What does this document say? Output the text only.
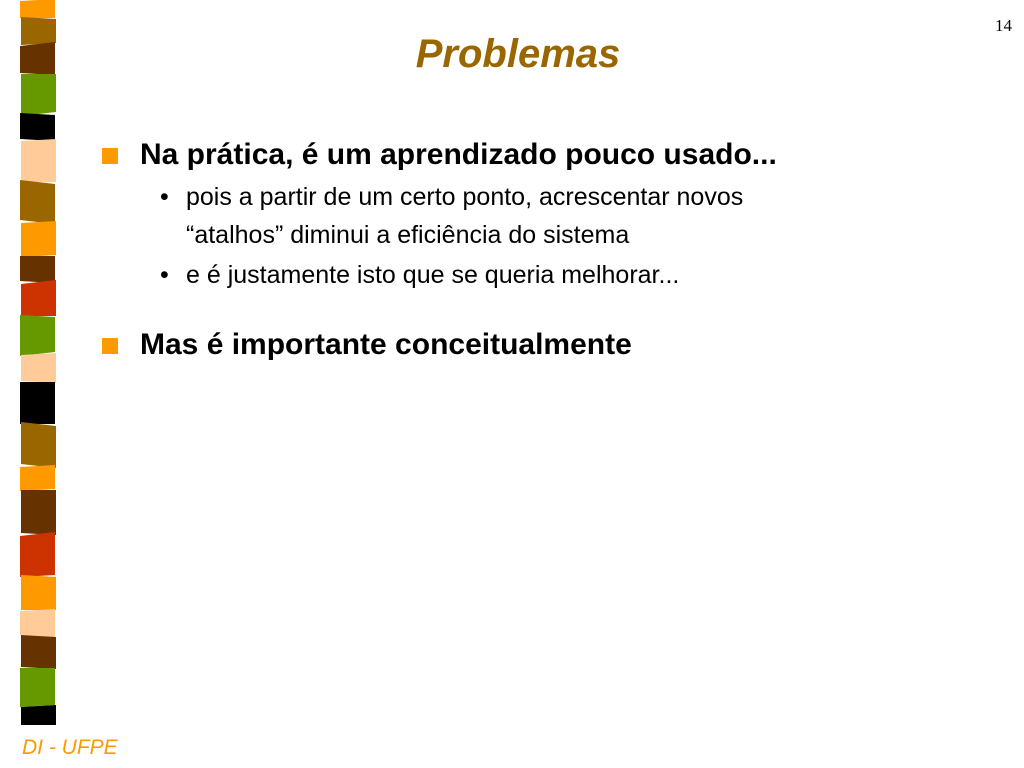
14
Problemas
Na prática, é um aprendizado pouco usado...
• pois a partir de um certo ponto, acrescentar novos
“atalhos” diminui a eficiência do sistema
• e é justamente isto que se queria melhorar...
Mas é importante conceitualmente
DI - UFPE
